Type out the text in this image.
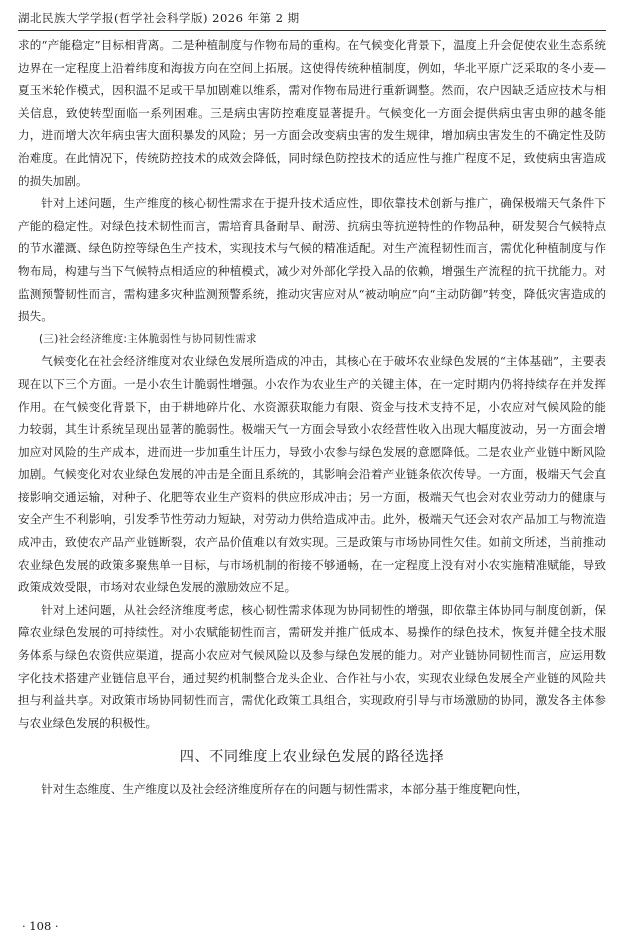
湖北民族大学学报(哲学社会科学版) 2026 年第 2 期

求的“产能稳定”目标相背离。二是种植制度与作物布局的重构。在气候变化背景下，温度上升会促使农业生态系统边界在一定程度上沿着纬度和海拔方向在空间上拓展。这使得传统种植制度，例如，华北平原广泛采取的冬小麦—夏玉米轮作模式，因积温不足或干旱加剧难以维系，需对作物布局进行重新调整。然而，农户因缺乏适应技术与相关信息，致使转型面临一系列困难。三是病虫害防控难度显著提升。气候变化一方面会提供病虫害虫卵的越冬能力，进而增大次年病虫害大面积暴发的风险；另一方面会改变病虫害的发生规律，增加病虫害发生的不确定性及防治难度。在此情况下，传统防控技术的成效会降低，同时绿色防控技术的适应性与推广程度不足，致使病虫害造成的损失加剧。

针对上述问题，生产维度的核心韧性需求在于提升技术适应性，即依靠技术创新与推广，确保极端天气条件下产能的稳定性。对绿色技术韧性而言，需培育具备耐旱、耐涝、抗病虫等抗逆特性的作物品种，研发契合气候特点的节水灌溉、绿色防控等绿色生产技术，实现技术与气候的精准适配。对生产流程韧性而言，需优化种植制度与作物布局，构建与当下气候特点相适应的种植模式，减少对外部化学投入品的依赖，增强生产流程的抗干扰能力。对监测预警韧性而言，需构建多灾种监测预警系统，推动灾害应对从“被动响应”向“主动防御”转变，降低灾害造成的损失。

(三)社会经济维度:主体脆弱性与协同韧性需求

气候变化在社会经济维度对农业绿色发展所造成的冲击，其核心在于破坏农业绿色发展的“主体基础”，主要表现在以下三个方面。一是小农生计脆弱性增强。小农作为农业生产的关键主体，在一定时期内仍将持续存在并发挥作用。在气候变化背景下，由于耕地碎片化、水资源获取能力有限、资金与技术支持不足，小农应对气候风险的能力较弱，其生计系统呈现出显著的脆弱性。极端天气一方面会导致小农经营性收入出现大幅度波动，另一方面会增加应对风险的生产成本，进而进一步加重生计压力，导致小农参与绿色发展的意愿降低。二是农业产业链中断风险加剧。气候变化对农业绿色发展的冲击是全面且系统的，其影响会沿着产业链条依次传导。一方面，极端天气会直接影响交通运输，对种子、化肥等农业生产资料的供应形成冲击；另一方面，极端天气也会对农业劳动力的健康与安全产生不利影响，引发季节性劳动力短缺，对劳动力供给造成冲击。此外，极端天气还会对农产品加工与物流造成冲击，致使农产品产业链断裂，农产品价值难以有效实现。三是政策与市场协同性欠佳。如前文所述，当前推动农业绿色发展的政策多聚焦单一目标，与市场机制的衔接不够通畅，在一定程度上没有对小农实施精准赋能，导致政策成效受限，市场对农业绿色发展的激励效应不足。

针对上述问题，从社会经济维度考虑，核心韧性需求体现为协同韧性的增强，即依靠主体协同与制度创新，保障农业绿色发展的可持续性。对小农赋能韧性而言，需研发并推广低成本、易操作的绿色技术，恢复并健全技术服务体系与绿色农资供应渠道，提高小农应对气候风险以及参与绿色发展的能力。对产业链协同韧性而言，应运用数字化技术搭建产业链信息平台，通过契约机制整合龙头企业、合作社与小农，实现农业绿色发展全产业链的风险共担与利益共享。对政策市场协同韧性而言，需优化政策工具组合，实现政府引导与市场激励的协同，激发各主体参与农业绿色发展的积极性。

四、不同维度上农业绿色发展的路径选择

针对生态维度、生产维度以及社会经济维度所存在的问题与韧性需求，本部分基于维度靶向性，

· 108 ·
